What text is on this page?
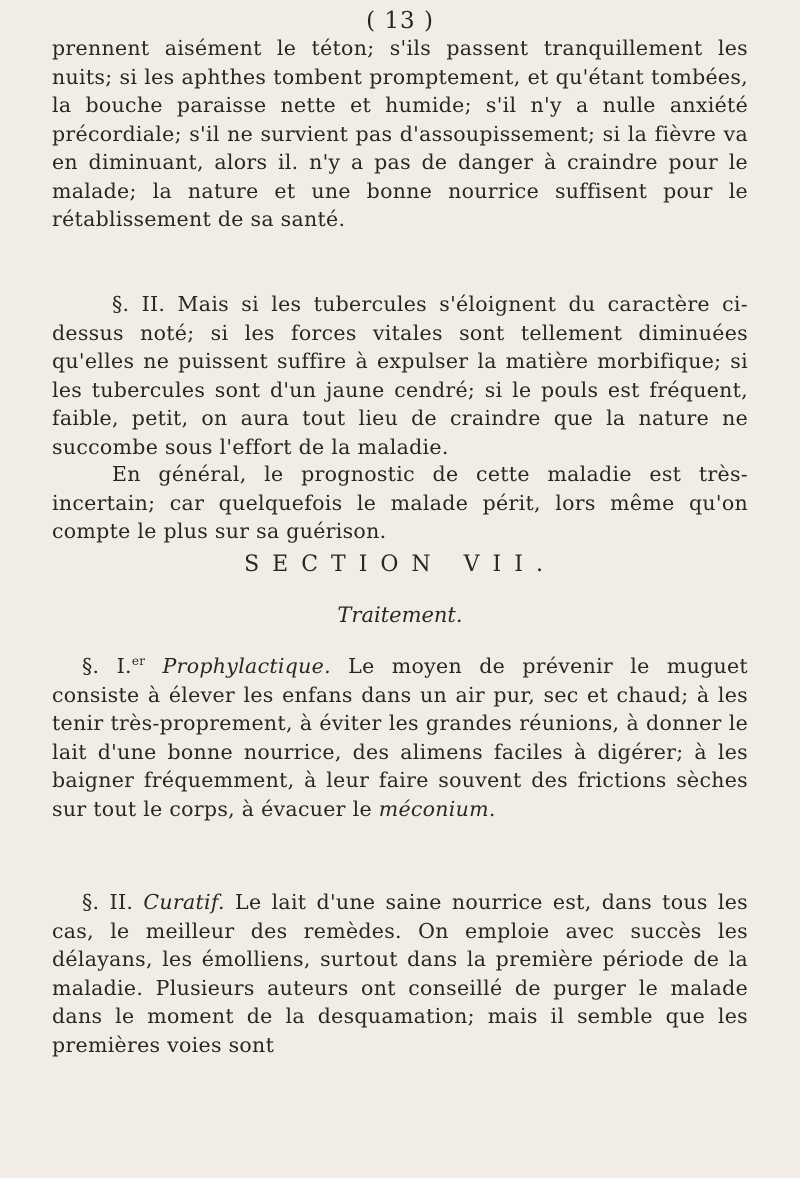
( 13 )

prennent aisément le téton; s'ils passent tranquillement les nuits; si les aphthes tombent promptement, et qu'étant tombées, la bouche paraisse nette et humide; s'il n'y a nulle anxiété précordiale; s'il ne survient pas d'assoupissement; si la fièvre va en diminuant, alors il. n'y a pas de danger à craindre pour le malade; la nature et une bonne nourrice suffisent pour le rétablissement de sa santé.

§. II. Mais si les tubercules s'éloignent du caractère ci-dessus noté; si les forces vitales sont tellement diminuées qu'elles ne puissent suffire à expulser la matière morbifique; si les tubercules sont d'un jaune cendré; si le pouls est fréquent, faible, petit, on aura tout lieu de craindre que la nature ne succombe sous l'effort de la maladie.

En général, le prognostic de cette maladie est très-incertain; car quelquefois le malade périt, lors même qu'on compte le plus sur sa guérison.

SECTION VII.
Traitement.

§. I.$^{er}$ Prophylactique. Le moyen de prévenir le muguet consiste à élever les enfans dans un air pur, sec et chaud; à les tenir très-proprement, à éviter les grandes réunions, à donner le lait d'une bonne nourrice, des alimens faciles à digérer; à les baigner fréquemment, à leur faire souvent des frictions sèches sur tout le corps, à évacuer le méconium.

§. II. Curatif. Le lait d'une saine nourrice est, dans tous les cas, le meilleur des remèdes. On emploie avec succès les délayans, les émolliens, surtout dans la première période de la maladie. Plusieurs auteurs ont conseillé de purger le malade dans le moment de la desquamation; mais il semble que les premières voies sont
